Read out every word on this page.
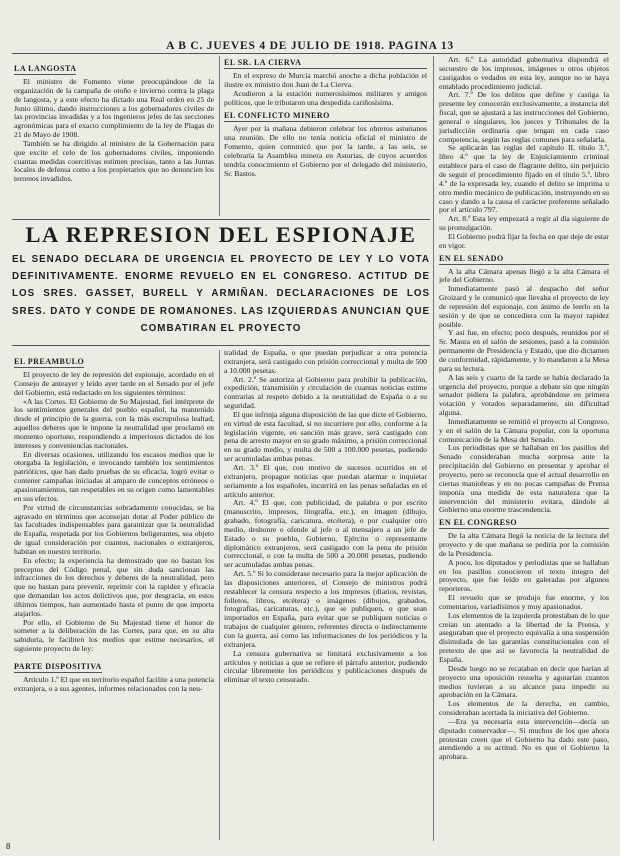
A B C. JUEVES 4 DE JULIO DE 1918. PAGINA 13
LA LANGOSTA

El ministro de Fomento viene preocupándose de la organización de la campaña de otoño e invierno contra la plaga de langosta, y a este efecto ha dictado una Real orden en 25 de Junio último, dando instrucciones a los gobernadores civiles de las provincias invadidas y a los ingenieros jefes de las secciones agronómicas para el exacto cumplimiento de la ley de Plagas de 21 de Mayo de 1908.

También se ha dirigido al ministro de la Gobernación para que excite el celo de los gobernadores civiles, imponiendo cuantas medidas coercitivas estimen precisas, tanto a las Juntas locales de defensa como a los propietarios que no denuncien los terrenos invadidos.

EL SR. LA CIERVA

En el expreso de Murcia marchó anoche a dicha población el ilustre ex ministro don Juan de La Cierva.

Acudieron a la estación numerosísimos militares y amigos políticos, que le tributaron una despedida cariñosísima.

EL CONFLICTO MINERO

Ayer por la mañana debieron celebrar los obreros asturianos una reunión. De ello no tenía noticia oficial el ministro de Fomento, quien comunicó que por la tarde, a las seis, se celebraría la Asamblea minera en Asturias, de cuyos acuerdos tendría conocimiento el Gobierno por el delegado del ministerio, Sr. Bastos.

LA REPRESION DEL ESPIONAJE
EL SENADO DECLARA DE URGENCIA EL PROYECTO DE LEY Y LO VOTA DEFINITIVAMENTE. ENORME REVUELO EN EL CONGRESO. ACTITUD DE LOS SRES. GASSET, BURELL Y ARMIÑAN. DECLARACIONES DE LOS SRES. DATO Y CONDE DE ROMANONES. LAS IZQUIERDAS ANUNCIAN QUE COMBATIRAN EL PROYECTO
EL PREAMBULO

El proyecto de ley de represión del espionaje, acordado en el Consejo de anteayer y leído ayer tarde en el Senado por el jefe del Gobierno, está redactado en los siguientes términos:

«A las Cortes. El Gobierno de Su Majestad, fiel intérprete de los sentimientos generales del pueblo español, ha mantenido desde el principio de la guerra, con la más escrupulosa lealtad, aquellos deberes que le impone la neutralidad que proclamó en momento oportuno, respondiendo a imperiosos dictados de los intereses y conveniencias nacionales.

En diversas ocasiones, utilizando los escasos medios que le otorgaba la legislación, e invocando también los sentimientos patrióticos, que han dado pruebas de su eficacia, logró evitar o contener campañas iniciadas al amparo de conceptos erróneos o apasionamientos, tan respetables en su origen como lamentables en sus efectos.

Por virtud de circunstancias sobradamente conocidas, se ha agravado en términos que aconsejan dotar al Poder público de las facultades indispensables para garantizar que la neutralidad de España, respetada por los Gobiernos beligerantes, sea objeto de igual consideración por cuantos, nacionales o extranjeros, habitan en nuestro territorio.

En efecto; la experiencia ha demostrado que no bastan los preceptos del Código penal, que sin duda sancionan las infracciones de los derechos y deberes de la neutralidad, pero que no bastan para prevenir, reprimir con la rapidez y eficacia que demandan los actos delictivos que, por desgracia, en estos últimos tiempos, han aumentado hasta el punto de que importa atajarlos.

Por ello, el Gobierno de Su Majestad tiene el honor de someter a la deliberación de las Cortes, para que, en su alta sabiduría, le faciliten los medios que estime necesarios, el siguiente proyecto de ley:

PARTE DISPOSITIVA

Artículo 1.º El que en territorio español facilite a una potencia extranjera, o a sus agentes, informes relacionados con la neu-

tralidad de España, o que puedan perjudicar a otra potencia extranjera, será castigado con prisión correccional y multa de 500 a 10.000 pesetas.

Art. 2.º Se autoriza al Gobierno para prohibir la publicación, expedición, transmisión y circulación de cuantas noticias estime contrarias al respeto debido a la neutralidad de España o a su seguridad.

El que infrinja alguna disposición de las que dicte el Gobierno, en virtud de esta facultad, si no incurriere por ello, conforme a la legislación vigente, en sanción más grave, será castigado con pena de arresto mayor en su grado máximo, a prisión correccional en su grado medio, y multa de 500 a 100.000 pesetas, pudiendo ser acumuladas ambas penas.

Art. 3.º El que, con motivo de sucesos ocurridos en el extranjero, propague noticias que puedan alarmar o inquietar seriamente a los españoles, incurrirá en las penas señaladas en el artículo anterior.

Art. 4.º El que, con publicidad, de palabra o por escrito (manuscrito, impresos, litografía, etc.), en imagen (dibujo, grabado, fotografía, caricatura, etcétera), o por cualquier otro medio, deshonre o ofende al jefe o al mensajero a un jefe de Estado o su pueblo, Gobierno, Ejército o representante diplomático extranjeros, será castigado con la pena de prisión correccional, o con la multa de 500 a 20.000 pesetas, pudiendo ser acumuladas ambas penas.

Art. 5.º Si lo considerase necesario para la mejor aplicación de las disposiciones anteriores, el Consejo de ministros podrá restablecer la censura respecto a los impresos (diarios, revistas, folletos, libros, etcétera) o imágenes (dibujos, grabados, fotografías, caricaturas, etc.), que se publiquen, o que sean importados en España, para evitar que se publiquen noticias o trabajos de cualquier género, referentes directa o indirectamente con la guerra, así como las informaciones de los periódicos y la extranjera.

La censura gubernativa se limitará exclusivamente a los artículos y noticias a que se refiere el párrafo anterior, pudiendo circular libremente los periódicos y publicaciones después de eliminar el texto censurado.

Art. 6.º La autoridad gubernativa dispondrá el secuestro de los impresos, imágenes u otros objetos castigados o vedados en esta ley, aunque no se haya entablado procedimiento judicial.

Art. 7.º De los delitos que define y castiga la presente ley conocerán exclusivamente, a instancia del fiscal, que se ajustará a las instrucciones del Gobierno, general o singulares, los jueces y Tribunales de la jurisdicción ordinaria que tengan en cada caso competencia, según las reglas comunes para señalarla.

Se aplicarán las reglas del capítulo II, título 3.º, libro 4.º que la ley de Enjuiciamiento criminal establece para el caso de flagrante delito, sin perjuicio de seguir el procedimiento fijado en el título 5.º, libro 4.º de la expresada ley, cuando el delito se imprima u otro medio mecánico de publicación, instruyendo en su caso y dando a la causa el carácter preferente señalado por el artículo 797.

Art. 8.º Esta ley empezará a regir al día siguiente de su promulgación.

El Gobierno podrá fijar la fecha en que deje de estar en vigor.

EN EL SENADO

A la alta Cámara apenas llegó a la alta Cámara el jefe del Gobierno.

Inmediatamente pasó al despacho del señor Groizard y le comunicó que llevaba el proyecto de ley de represión del espionaje, con ánimo de leerlo en la sesión y de que se concediera con la mayor rapidez posible.

Y así fue, en efecto; poco después, reunidos por el Sr. Maura en el salón de sesiones, pasó a la comisión permanente de Presidencia y Estado, que dio dictamen de conformidad, rápidamente, y lo mandaron a la Mesa para su lectura.

A las seis y cuarto de la tarde se había declarado la urgencia del proyecto, porque a debate sin que ningún senador pidiera la palabra, aprobándose en primera votación y votados separadamente, sin dificultad alguna.

Inmediatamente se remitió el proyecto al Congreso, y en el salón de la Cámara popular, con la oportuna comunicación de la Mesa del Senado.

Los periodistas que se hallaban en los pasillos del Senado consideraban mucha sorpresa ante la precipitación del Gobierno en presentar y aprobar el proyecto, pero se reconocía que el actual desarrollo en ciertas maniobras y en no pocas campañas de Prensa imponía una medida de esta naturaleza que la intervención del ministerio evitara, dándole al Gobierno una enorme trascendencia.

EN EL CONGRESO

De la alta Cámara llegó la noticia de la lectura del proyecto y de que mañana se pediría por la comisión de la Presidencia.

A poco, los diputados y periodistas que se hallaban en los pasillos conocieron el texto íntegro del proyecto, que fue leído en galeradas por algunos reporteros.

El revuelo que se produjo fue enorme, y los comentarios, variadísimos y muy apasionados.

Los elementos de la izquierda protestaban de lo que creían un atentado a la libertad de la Prensa, y aseguraban que el proyecto equivalía a una suspensión disimulada de las garantías constitucionales con el pretexto de que así se favorecía la neutralidad de España.

Desde luego no se recataban en decir que harían al proyecto una oposición resuelta y agotarían cuantos medios tuvieran a su alcance para impedir su aprobación en la Cámara.

Los elementos de la derecha, en cambio, consideraban acertada la iniciativa del Gobierno.

—Era ya necesaria esta intervención—decía un diputado conservador—. Si muchos de los que ahora protestan creen que el Gobierno ha dado este paso, atendiendo a su actitud. No es que el Gobierno la aprobara.

8
